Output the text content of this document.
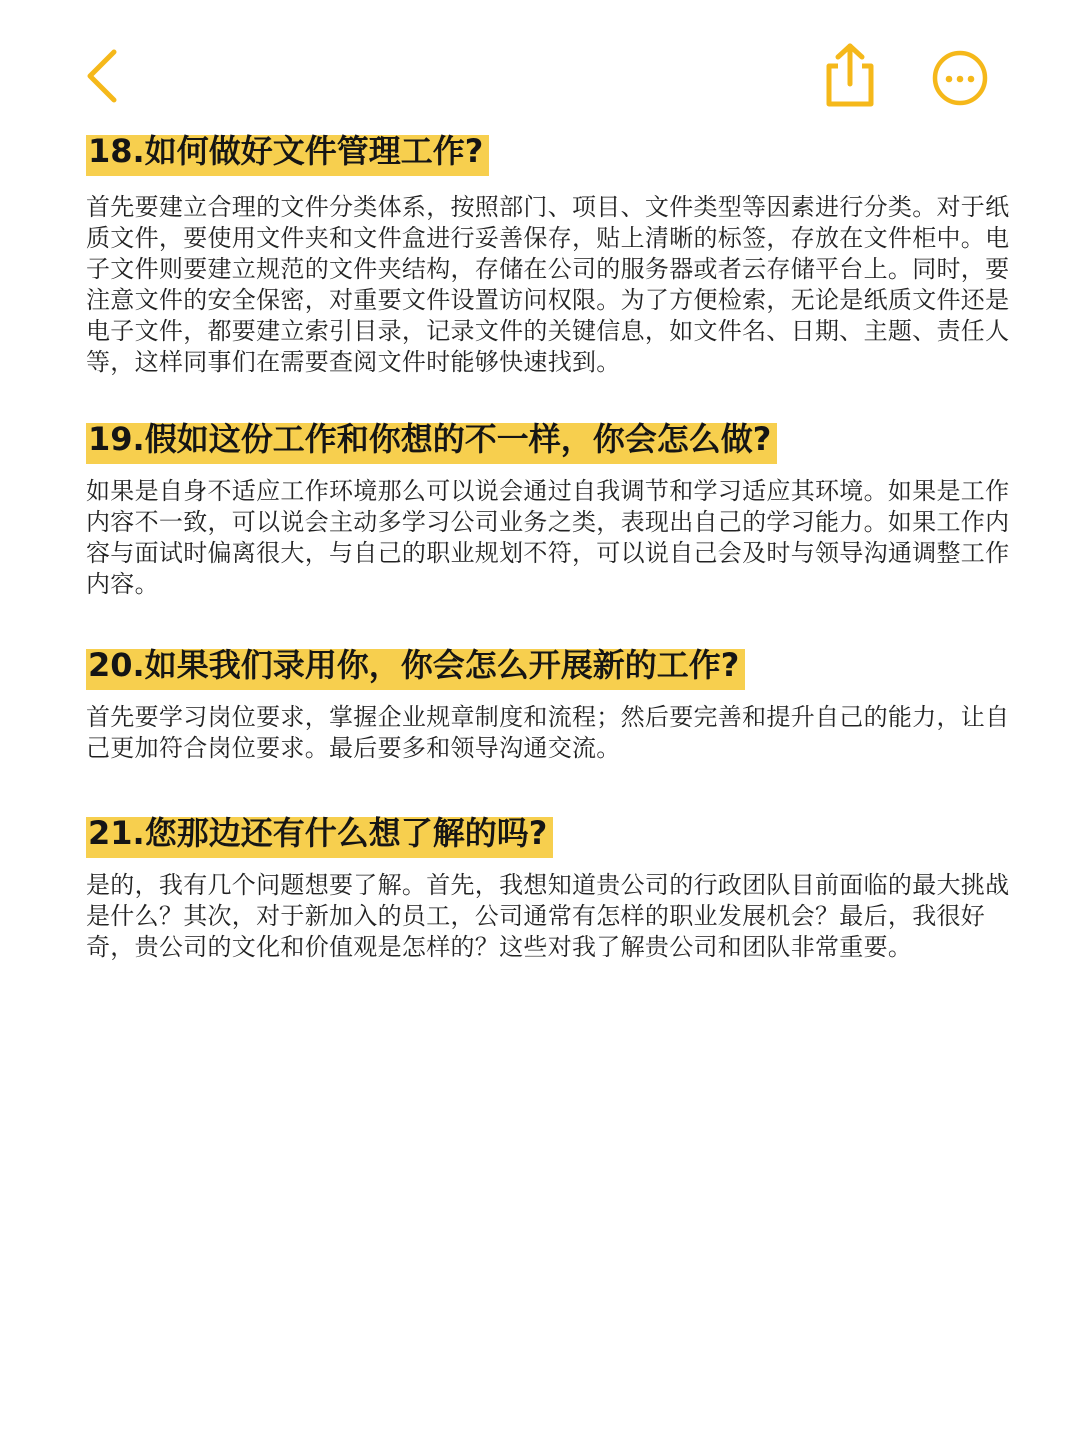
18.如何做好文件管理工作?

首先要建立合理的文件分类体系，按照部门、项目、文件类型等因素进行分类。对于纸质文件，要使用文件夹和文件盒进行妥善保存，贴上清晰的标签，存放在文件柜中。电子文件则要建立规范的文件夹结构，存储在公司的服务器或者云存储平台上。同时，要注意文件的安全保密，对重要文件设置访问权限。为了方便检索，无论是纸质文件还是电子文件，都要建立索引目录，记录文件的关键信息，如文件名、日期、主题、责任人等，这样同事们在需要查阅文件时能够快速找到。

19.假如这份工作和你想的不一样，你会怎么做?

如果是自身不适应工作环境那么可以说会通过自我调节和学习适应其环境。如果是工作内容不一致，可以说会主动多学习公司业务之类，表现出自己的学习能力。如果工作内容与面试时偏离很大，与自己的职业规划不符，可以说自己会及时与领导沟通调整工作内容。

20.如果我们录用你，你会怎么开展新的工作?

首先要学习岗位要求，掌握企业规章制度和流程；然后要完善和提升自己的能力，让自己更加符合岗位要求。最后要多和领导沟通交流。

21.您那边还有什么想了解的吗?

是的，我有几个问题想要了解。首先，我想知道贵公司的行政团队目前面临的最大挑战是什么？其次，对于新加入的员工，公司通常有怎样的职业发展机会？最后，我很好奇，贵公司的文化和价值观是怎样的？这些对我了解贵公司和团队非常重要。
